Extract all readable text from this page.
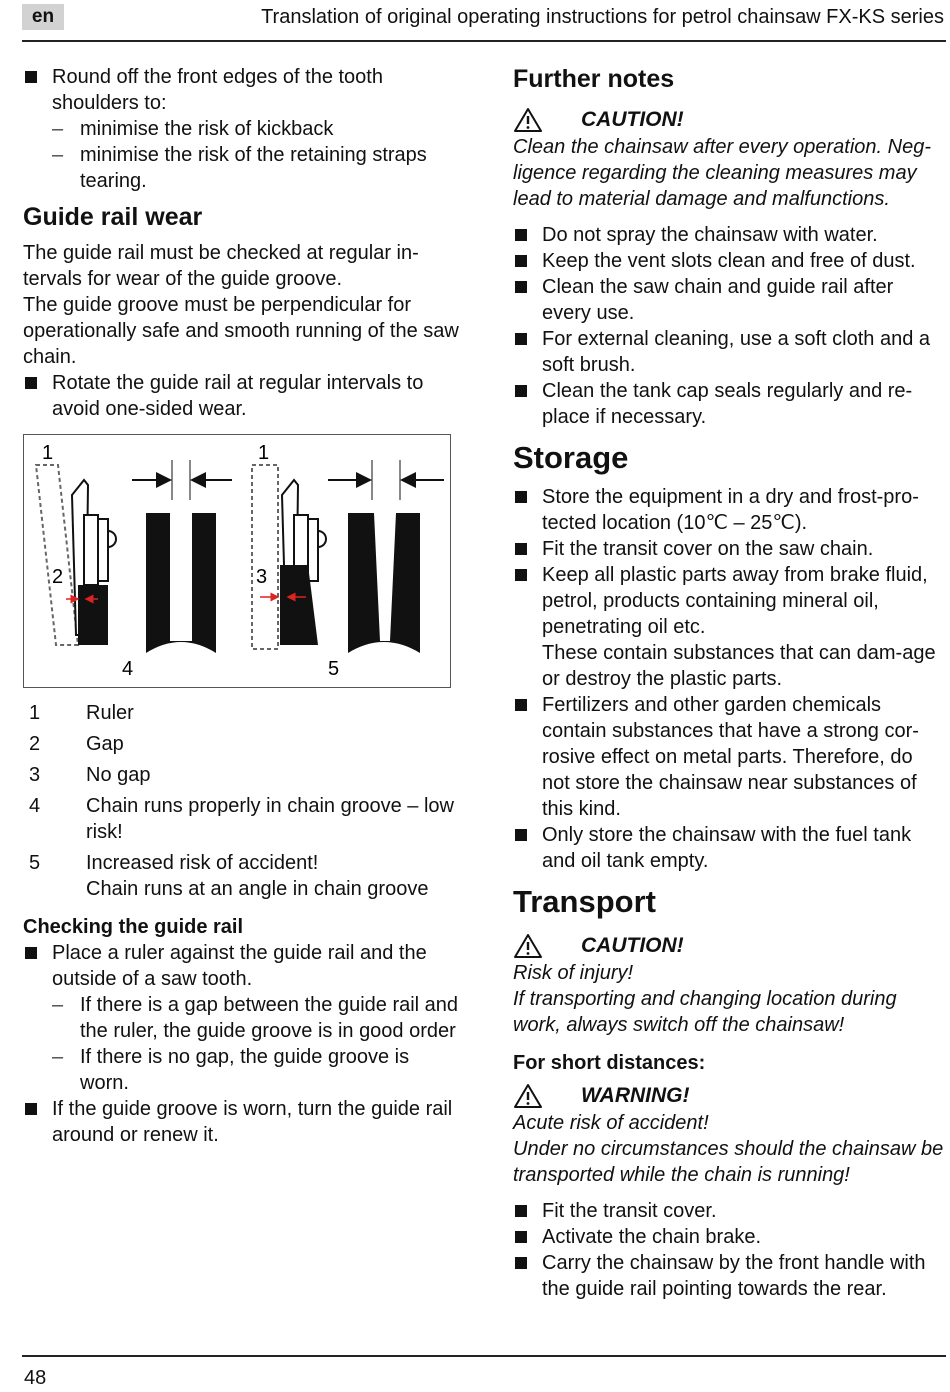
en	Translation of original operating instructions for petrol chainsaw FX-KS series
Round off the front edges of the tooth shoulders to:
– minimise the risk of kickback
– minimise the risk of the retaining straps tearing.
Guide rail wear

The guide rail must be checked at regular in-tervals for wear of the guide groove.

The guide groove must be perpendicular for operationally safe and smooth running of the saw chain.

Rotate the guide rail at regular intervals to avoid one-sided wear.
1
2
4
1
3
5
1	Ruler
2	Gap
3	No gap
4	Chain runs properly in chain groove – low risk!
5	Increased risk of accident!
Chain runs at an angle in chain groove
Checking the guide rail
Place a ruler against the guide rail and the outside of a saw tooth.
– If there is a gap between the guide rail and the ruler, the guide groove is in good order
– If there is no gap, the guide groove is worn.
If the guide groove is worn, turn the guide rail around or renew it.
Further notes
CAUTION!

Clean the chainsaw after every operation. Neg-ligence regarding the cleaning measures may lead to material damage and malfunctions.

Do not spray the chainsaw with water.
Keep the vent slots clean and free of dust.
Clean the saw chain and guide rail after every use.
For external cleaning, use a soft cloth and a soft brush.
Clean the tank cap seals regularly and re-place if necessary.
Storage
Store the equipment in a dry and frost-pro-tected location (10℃ – 25℃).
Fit the transit cover on the saw chain.
Keep all plastic parts away from brake fluid, petrol, products containing mineral oil, penetrating oil etc.
These contain substances that can dam-age or destroy the plastic parts.
Fertilizers and other garden chemicals contain substances that have a strong cor-rosive effect on metal parts. Therefore, do not store the chainsaw near substances of this kind.
Only store the chainsaw with the fuel tank and oil tank empty.
Transport
CAUTION!

Risk of injury!

If transporting and changing location during work, always switch off the chainsaw!

For short distances:
WARNING!

Acute risk of accident!

Under no circumstances should the chainsaw be transported while the chain is running!

Fit the transit cover.
Activate the chain brake.
Carry the chainsaw by the front handle with the guide rail pointing towards the rear.
48
